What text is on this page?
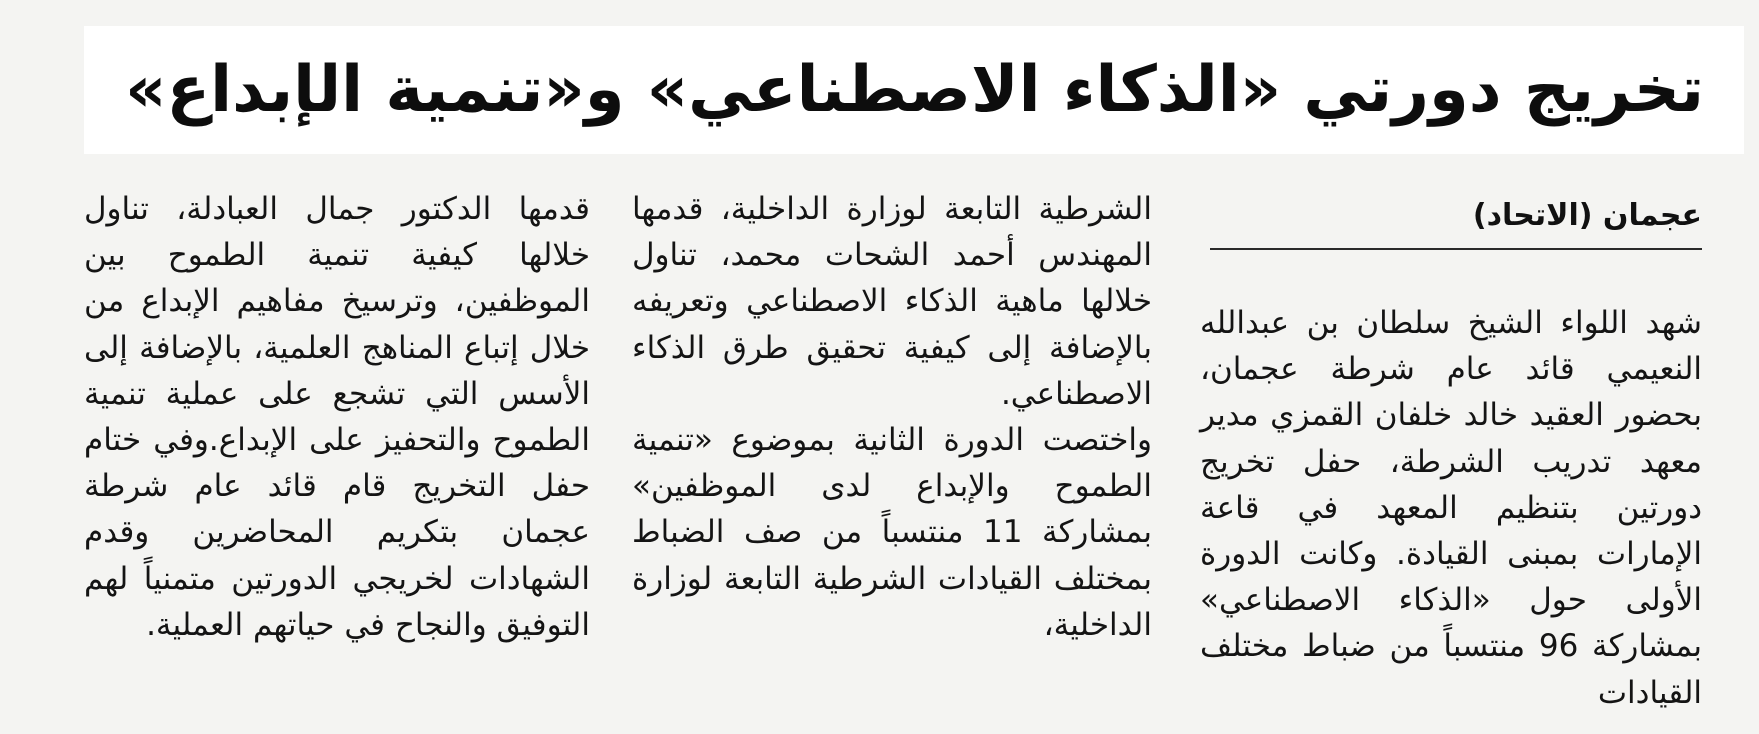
تخريج دورتي «الذكاء الاصطناعي» و«تنمية الإبداع»
عجمان (الاتحاد)

شهد اللواء الشيخ سلطان بن عبدالله النعيمي قائد عام شرطة عجمان، بحضور العقيد خالد خلفان القمزي مدير معهد تدريب الشرطة، حفل تخريج دورتين بتنظيم المعهد في قاعة الإمارات بمبنى القيادة. وكانت الدورة الأولى حول «الذكاء الاصطناعي» بمشاركة 96 منتسباً من ضباط مختلف القيادات

الشرطية التابعة لوزارة الداخلية، قدمها المهندس أحمد الشحات محمد، تناول خلالها ماهية الذكاء الاصطناعي وتعريفه بالإضافة إلى كيفية تحقيق طرق الذكاء الاصطناعي.

واختصت الدورة الثانية بموضوع «تنمية الطموح والإبداع لدى الموظفين» بمشاركة 11 منتسباً من صف الضباط بمختلف القيادات الشرطية التابعة لوزارة الداخلية،

قدمها الدكتور جمال العبادلة، تناول خلالها كيفية تنمية الطموح بين الموظفين، وترسيخ مفاهيم الإبداع من خلال إتباع المناهج العلمية، بالإضافة إلى الأسس التي تشجع على عملية تنمية الطموح والتحفيز على الإبداع.وفي ختام حفل التخريج قام قائد عام شرطة عجمان بتكريم المحاضرين وقدم الشهادات لخريجي الدورتين متمنياً لهم التوفيق والنجاح في حياتهم العملية.
